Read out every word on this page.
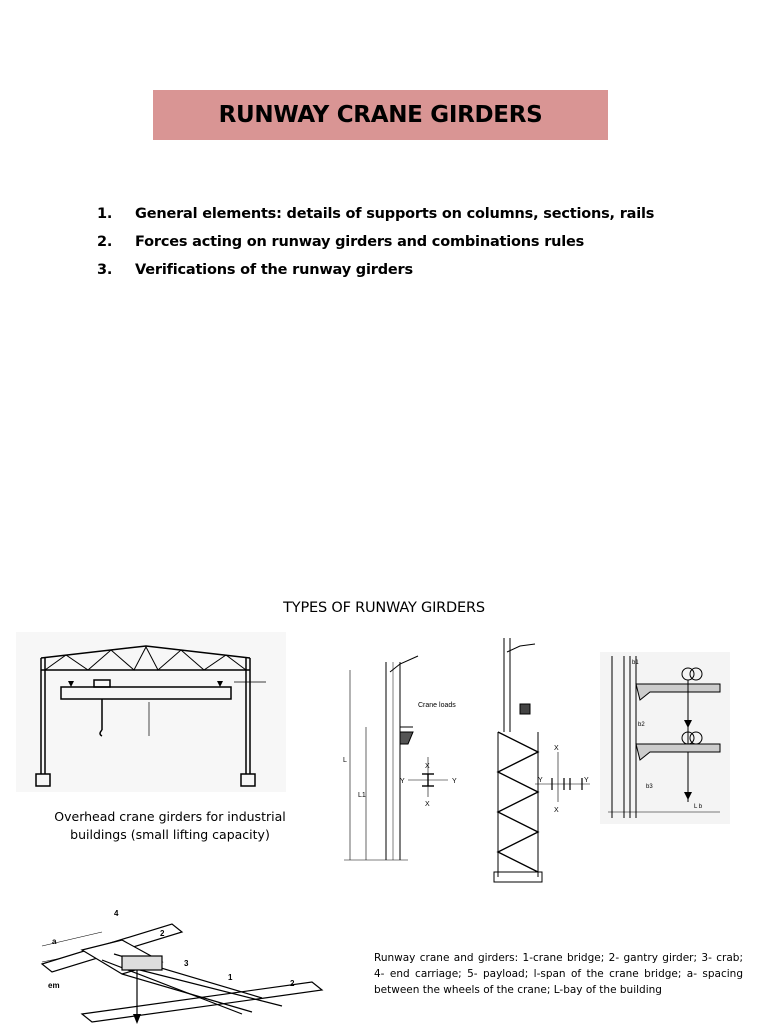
RUNWAY CRANE GIRDERS
1.	General elements: details of supports on columns, sections, rails
2.	Forces acting on runway girders and combinations rules
3.	Verifications of the runway girders
TYPES OF RUNWAY GIRDERS
Overhead crane girders for industrial buildings (small lifting capacity)
Crane loads
L
L1
X
X
Y	Y
X
X
Y	Y
b1
b2
b3
L b
a
em
1
2
3
4
2
Runway crane and girders: 1-crane bridge; 2- gantry girder; 3- crab; 4- end carriage; 5- payload; l-span of the crane bridge; a- spacing between the wheels of the crane; L-bay of the building
